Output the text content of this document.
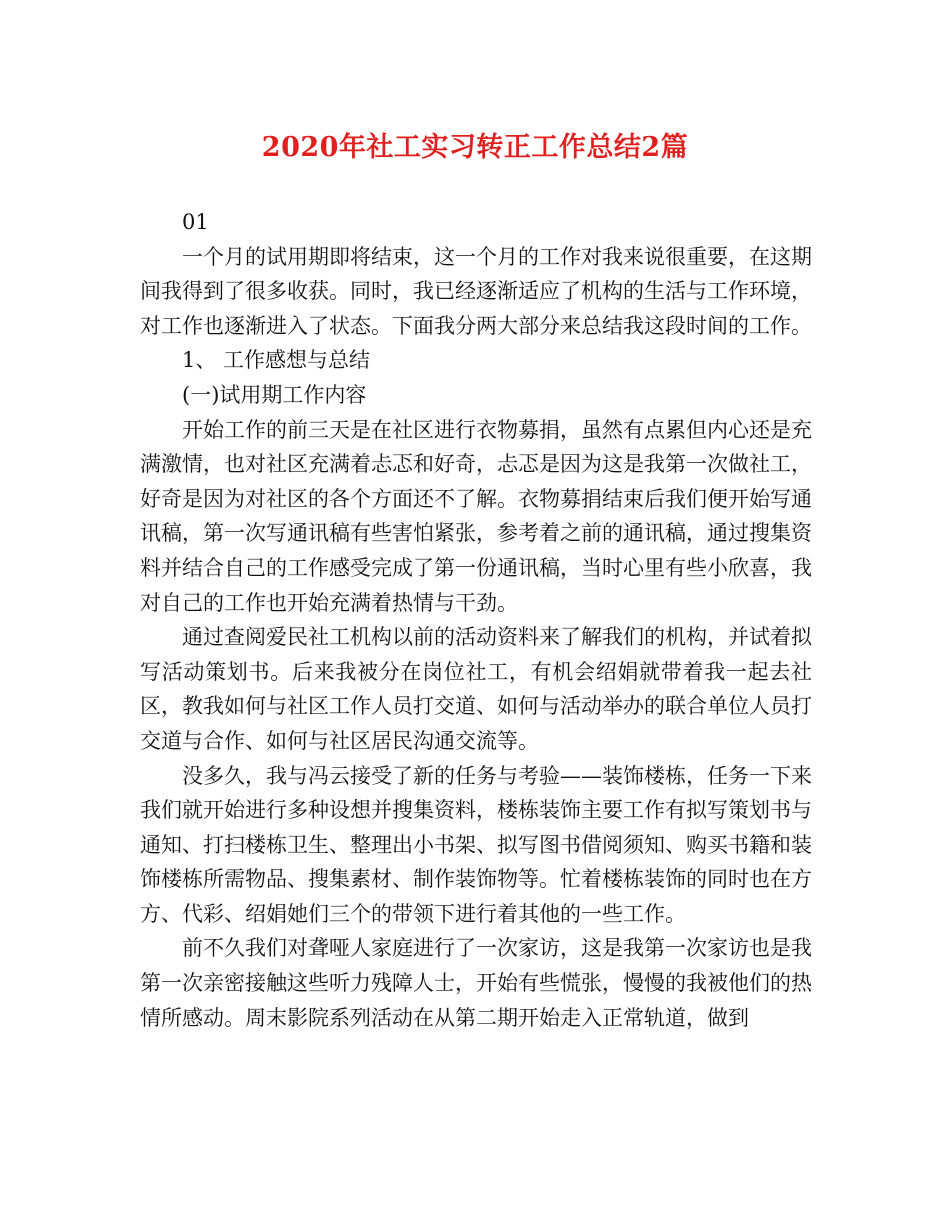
2020年社工实习转正工作总结2篇

01

一个月的试用期即将结束，这一个月的工作对我来说很重要，在这期间我得到了很多收获。同时，我已经逐渐适应了机构的生活与工作环境，对工作也逐渐进入了状态。下面我分两大部分来总结我这段时间的工作。

1、 工作感想与总结

(一)试用期工作内容

开始工作的前三天是在社区进行衣物募捐，虽然有点累但内心还是充满激情，也对社区充满着忐忑和好奇，忐忑是因为这是我第一次做社工，好奇是因为对社区的各个方面还不了解。衣物募捐结束后我们便开始写通讯稿，第一次写通讯稿有些害怕紧张，参考着之前的通讯稿，通过搜集资料并结合自己的工作感受完成了第一份通讯稿，当时心里有些小欣喜，我对自己的工作也开始充满着热情与干劲。

通过查阅爱民社工机构以前的活动资料来了解我们的机构，并试着拟写活动策划书。后来我被分在岗位社工，有机会绍娟就带着我一起去社区，教我如何与社区工作人员打交道、如何与活动举办的联合单位人员打交道与合作、如何与社区居民沟通交流等。

没多久，我与冯云接受了新的任务与考验——装饰楼栋，任务一下来我们就开始进行多种设想并搜集资料，楼栋装饰主要工作有拟写策划书与通知、打扫楼栋卫生、整理出小书架、拟写图书借阅须知、购买书籍和装饰楼栋所需物品、搜集素材、制作装饰物等。忙着楼栋装饰的同时也在方方、代彩、绍娟她们三个的带领下进行着其他的一些工作。

前不久我们对聋哑人家庭进行了一次家访，这是我第一次家访也是我第一次亲密接触这些听力残障人士，开始有些慌张，慢慢的我被他们的热情所感动。周末影院系列活动在从第二期开始走入正常轨道，做到
